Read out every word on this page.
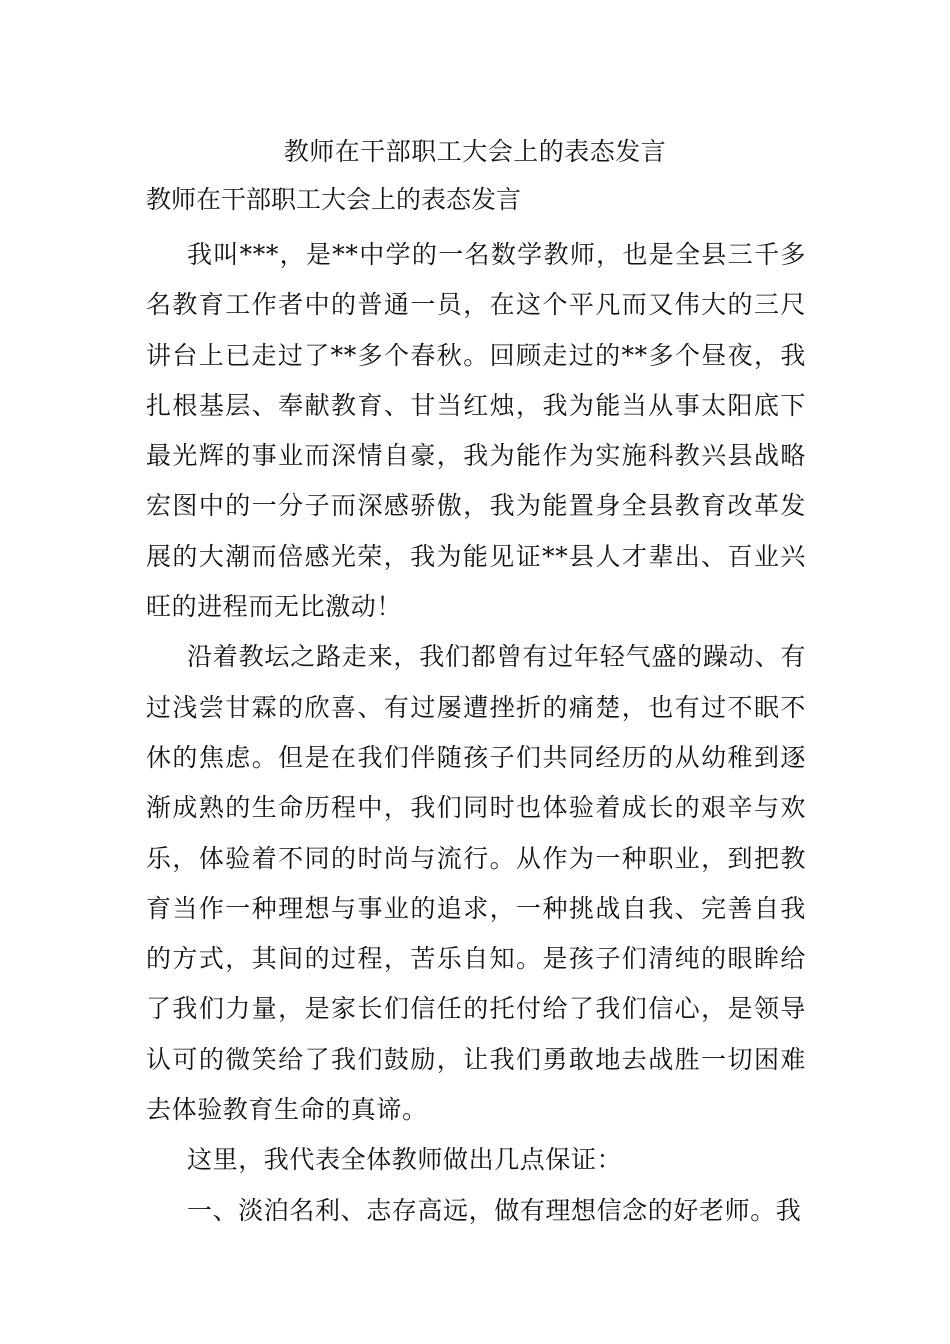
教师在干部职工大会上的表态发言
教师在干部职工大会上的表态发言

我叫***，是**中学的一名数学教师，也是全县三千多名教育工作者中的普通一员，在这个平凡而又伟大的三尺讲台上已走过了**多个春秋。回顾走过的**多个昼夜，我扎根基层、奉献教育、甘当红烛，我为能当从事太阳底下最光辉的事业而深情自豪，我为能作为实施科教兴县战略宏图中的一分子而深感骄傲，我为能置身全县教育改革发展的大潮而倍感光荣，我为能见证**县人才辈出、百业兴旺的进程而无比激动！

沿着教坛之路走来，我们都曾有过年轻气盛的躁动、有过浅尝甘霖的欣喜、有过屡遭挫折的痛楚，也有过不眠不休的焦虑。但是在我们伴随孩子们共同经历的从幼稚到逐渐成熟的生命历程中，我们同时也体验着成长的艰辛与欢乐，体验着不同的时尚与流行。从作为一种职业，到把教育当作一种理想与事业的追求，一种挑战自我、完善自我的方式，其间的过程，苦乐自知。是孩子们清纯的眼眸给了我们力量，是家长们信任的托付给了我们信心，是领导认可的微笑给了我们鼓励，让我们勇敢地去战胜一切困难去体验教育生命的真谛。

这里，我代表全体教师做出几点保证：

一、淡泊名利、志存高远，做有理想信念的好老师。我
